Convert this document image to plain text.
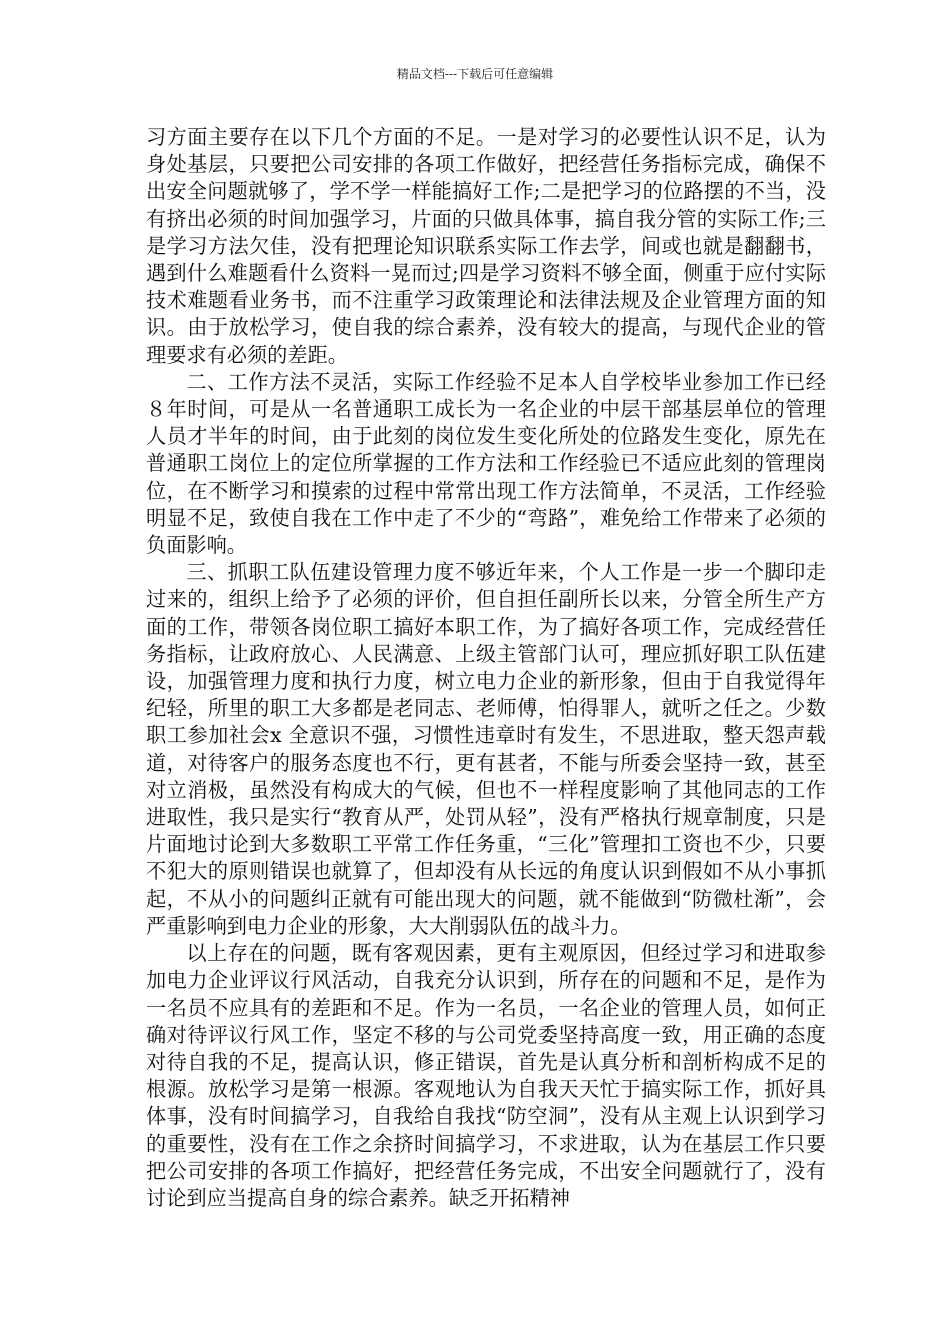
精品文档---下载后可任意编辑

习方面主要存在以下几个方面的不足。一是对学习的必要性认识不足，认为身处基层，只要把公司安排的各项工作做好，把经营任务指标完成，确保不出安全问题就够了，学不学一样能搞好工作;二是把学习的位路摆的不当，没有挤出必须的时间加强学习，片面的只做具体事，搞自我分管的实际工作;三是学习方法欠佳，没有把理论知识联系实际工作去学，间或也就是翻翻书，遇到什么难题看什么资料一晃而过;四是学习资料不够全面，侧重于应付实际技术难题看业务书，而不注重学习政策理论和法律法规及企业管理方面的知识。由于放松学习，使自我的综合素养，没有较大的提高，与现代企业的管理要求有必须的差距。

二、工作方法不灵活，实际工作经验不足本人自学校毕业参加工作已经８年时间，可是从一名普通职工成长为一名企业的中层干部基层单位的管理人员才半年的时间，由于此刻的岗位发生变化所处的位路发生变化，原先在普通职工岗位上的定位所掌握的工作方法和工作经验已不适应此刻的管理岗位，在不断学习和摸索的过程中常常出现工作方法简单，不灵活，工作经验明显不足，致使自我在工作中走了不少的“弯路”，难免给工作带来了必须的负面影响。

三、抓职工队伍建设管理力度不够近年来，个人工作是一步一个脚印走过来的，组织上给予了必须的评价，但自担任副所长以来，分管全所生产方面的工作，带领各岗位职工搞好本职工作，为了搞好各项工作，完成经营任务指标，让政府放心、人民满意、上级主管部门认可，理应抓好职工队伍建设，加强管理力度和执行力度，树立电力企业的新形象，但由于自我觉得年纪轻，所里的职工大多都是老同志、老师傅，怕得罪人，就听之任之。少数职工参加社会x 全意识不强，习惯性违章时有发生，不思进取，整天怨声载道，对待客户的服务态度也不行，更有甚者，不能与所委会坚持一致，甚至对立消极，虽然没有构成大的气候，但也不一样程度影响了其他同志的工作进取性，我只是实行“教育从严，处罚从轻”，没有严格执行规章制度，只是片面地讨论到大多数职工平常工作任务重，“三化”管理扣工资也不少，只要不犯大的原则错误也就算了，但却没有从长远的角度认识到假如不从小事抓起，不从小的问题纠正就有可能出现大的问题，就不能做到“防微杜渐”，会严重影响到电力企业的形象，大大削弱队伍的战斗力。

以上存在的问题，既有客观因素，更有主观原因，但经过学习和进取参加电力企业评议行风活动，自我充分认识到，所存在的问题和不足，是作为一名员不应具有的差距和不足。作为一名员，一名企业的管理人员，如何正确对待评议行风工作，坚定不移的与公司党委坚持高度一致，用正确的态度对待自我的不足，提高认识，修正错误，首先是认真分析和剖析构成不足的根源。放松学习是第一根源。客观地认为自我天天忙于搞实际工作，抓好具体事，没有时间搞学习，自我给自我找“防空洞”，没有从主观上认识到学习的重要性，没有在工作之余挤时间搞学习，不求进取，认为在基层工作只要把公司安排的各项工作搞好，把经营任务完成，不出安全问题就行了，没有讨论到应当提高自身的综合素养。缺乏开拓精神
